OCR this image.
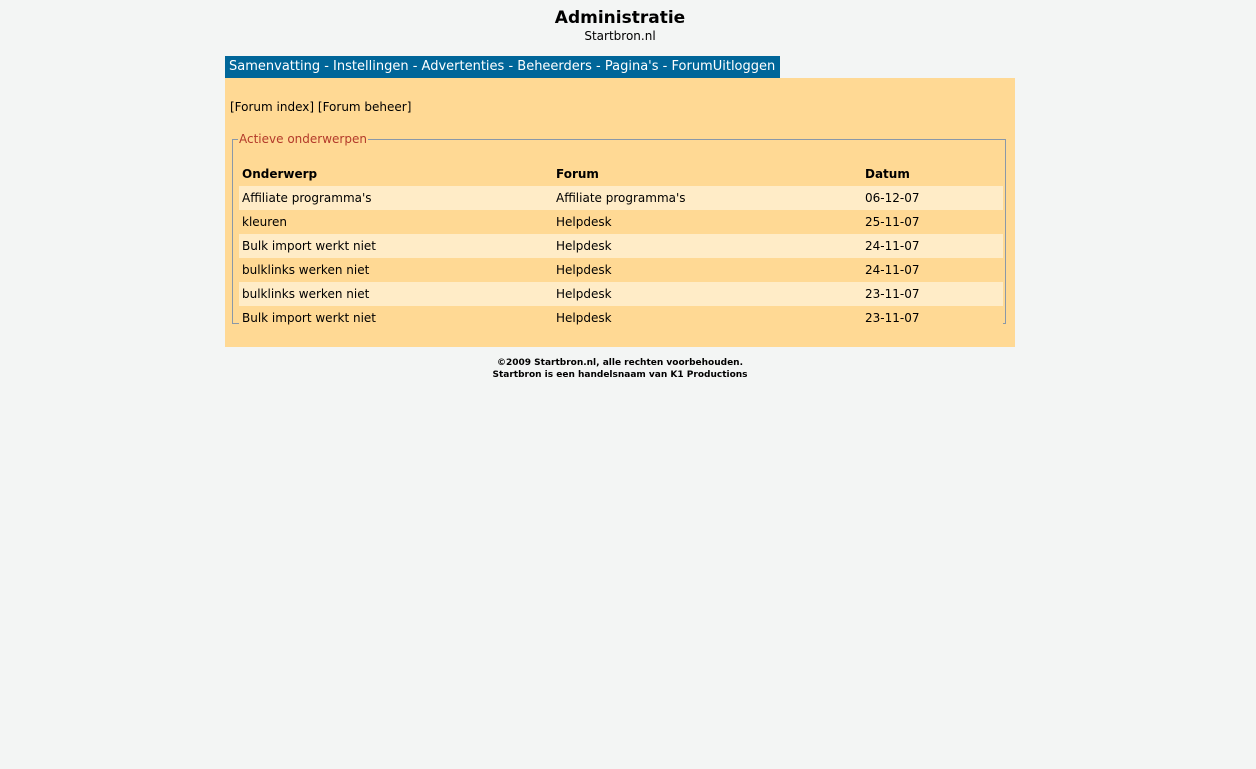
Administratie
Startbron.nl
Samenvatting - Instellingen - Advertenties - Beheerders - Pagina's - ForumUitloggen
[Forum index] [Forum beheer]
Actieve onderwerpen
Onderwerp	Forum	Datum
Affiliate programma's	Affiliate programma's	06-12-07
kleuren	Helpdesk	25-11-07
Bulk import werkt niet	Helpdesk	24-11-07
bulklinks werken niet	Helpdesk	24-11-07
bulklinks werken niet	Helpdesk	23-11-07
Bulk import werkt niet	Helpdesk	23-11-07
©2009 Startbron.nl, alle rechten voorbehouden.
Startbron is een handelsnaam van K1 Productions
